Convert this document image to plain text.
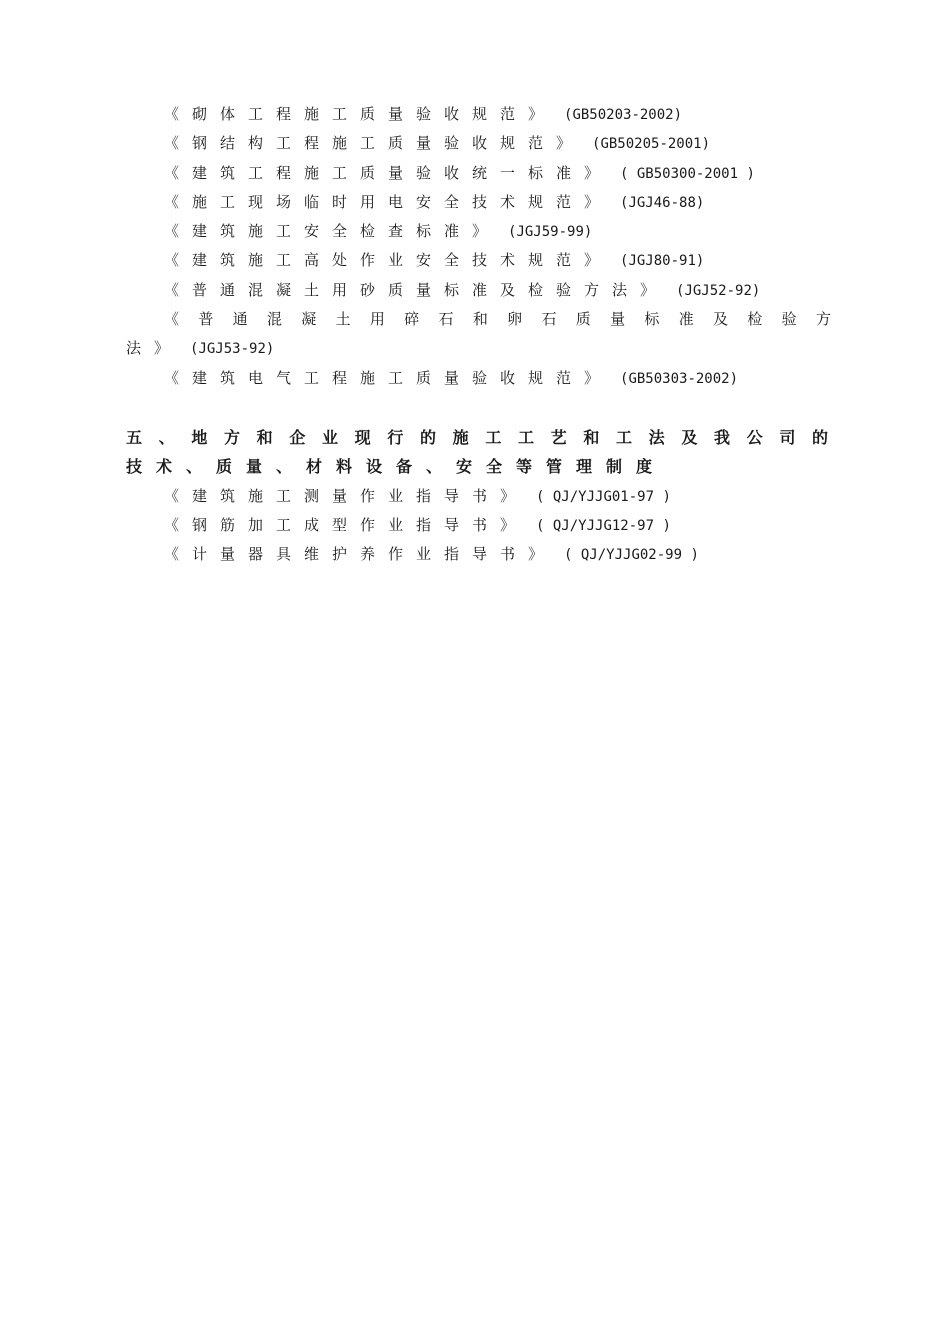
《砌体工程施工质量验收规范》 (GB50203-2002)
《钢结构工程施工质量验收规范》 (GB50205-2001)
《建筑工程施工质量验收统一标准》 ( GB50300-2001 )
《施工现场临时用电安全技术规范》 (JGJ46-88)
《建筑施工安全检查标准》 (JGJ59-99)
《建筑施工高处作业安全技术规范》 (JGJ80-91)
《普通混凝土用砂质量标准及检验方法》 (JGJ52-92)
《普通混凝土用碎石和卵石质量标准及检验方
法》 (JGJ53-92)
《建筑电气工程施工质量验收规范》 (GB50303-2002)
五、地方和企业现行的施工工艺和工法及我公司的
技术、质量、材料设备、安全等管理制度
《建筑施工测量作业指导书》 ( QJ/YJJG01-97 )
《钢筋加工成型作业指导书》 ( QJ/YJJG12-97 )
《计量器具维护养作业指导书》 ( QJ/YJJG02-99 )
